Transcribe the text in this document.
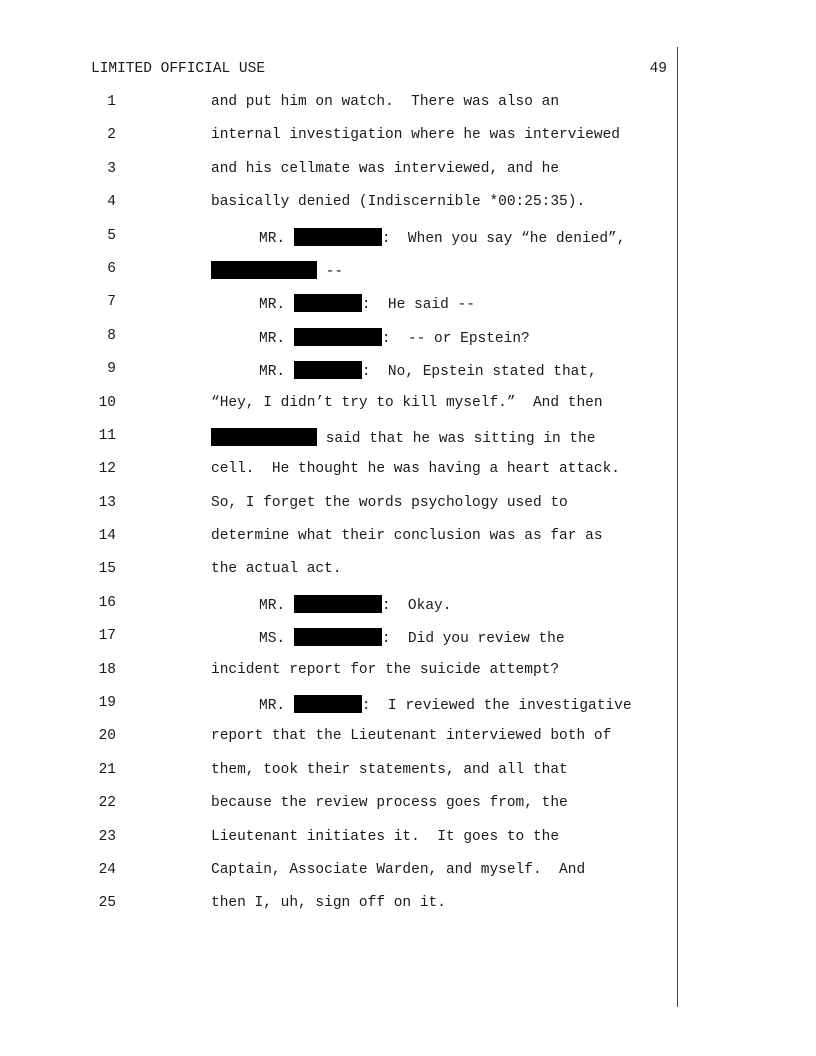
LIMITED OFFICIAL USE	49

1

	and put him on watch.  There was also an

2

	internal investigation where he was interviewed

3

	and his cellmate was interviewed, and he

4

	basically denied (Indiscernible *00:25:35).

5

	MR.	:  When you say “he denied”,

6

	--

7

	MR.	:  He said --

8

	MR.	:  -- or Epstein?

9

	MR.	:  No, Epstein stated that,

10

	“Hey, I didn’t try to kill myself.”  And then

11

	said that he was sitting in the

12

	cell.  He thought he was having a heart attack.

13

	So, I forget the words psychology used to

14

	determine what their conclusion was as far as

15

	the actual act.

16

	MR.	:  Okay.

17

	MS.	:  Did you review the

18

	incident report for the suicide attempt?

19

	MR.	:  I reviewed the investigative

20

	report that the Lieutenant interviewed both of

21

	them, took their statements, and all that

22

	because the review process goes from, the

23

	Lieutenant initiates it.  It goes to the

24

	Captain, Associate Warden, and myself.  And

25

	then I, uh, sign off on it.
